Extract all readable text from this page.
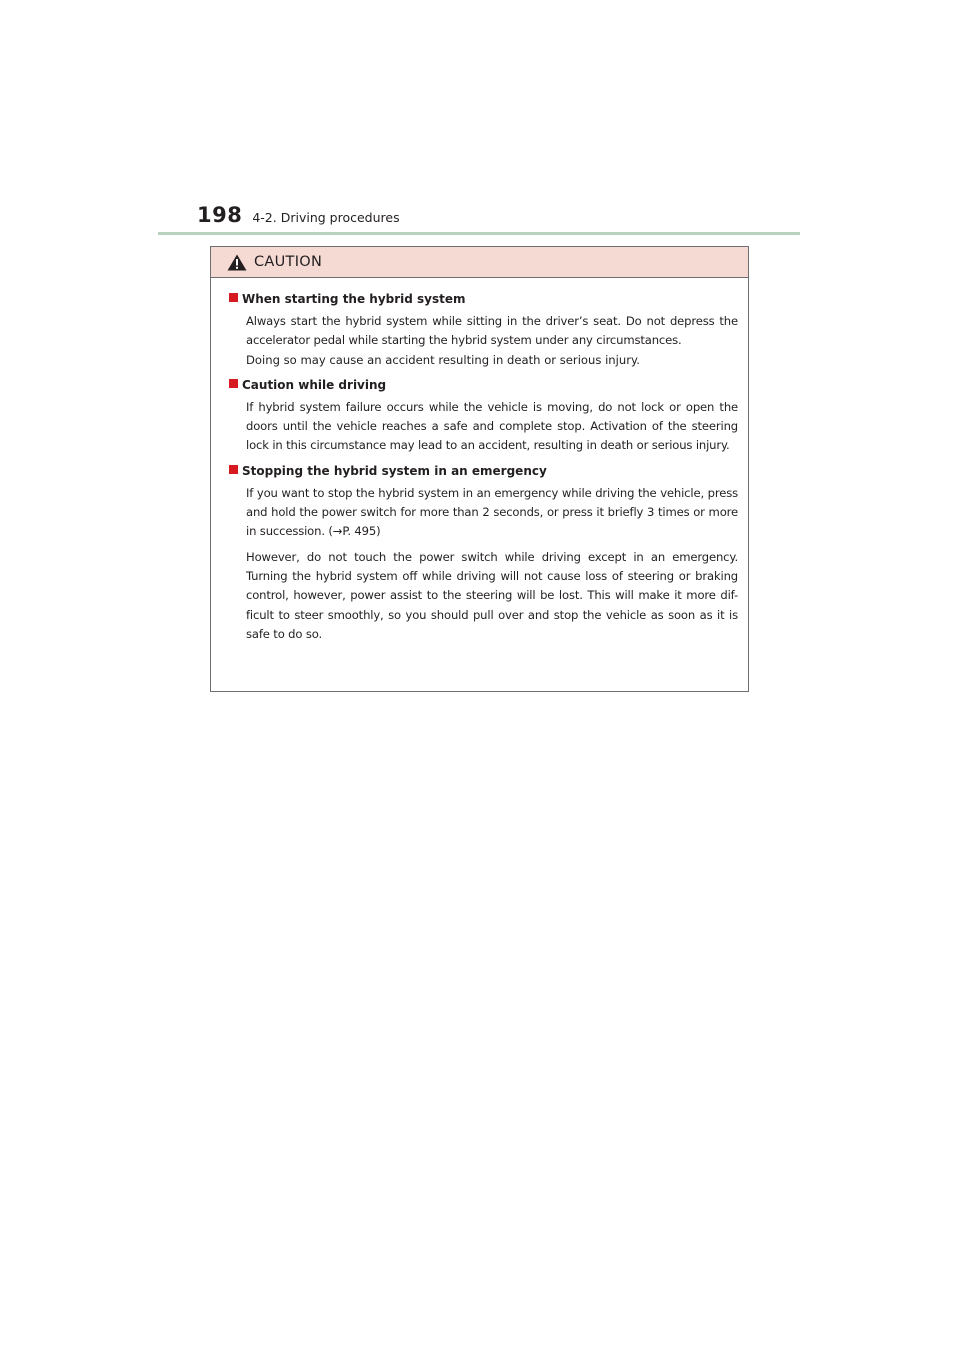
198 4-2. Driving procedures
CAUTION
When starting the hybrid system

Always start the hybrid system while sitting in the driver’s seat. Do not depress the accelerator pedal while starting the hybrid system under any circumstances.

Doing so may cause an accident resulting in death or serious injury.

Caution while driving

If hybrid system failure occurs while the vehicle is moving, do not lock or open the doors until the vehicle reaches a safe and complete stop. Activation of the steering lock in this circumstance may lead to an accident, resulting in death or serious injury.

Stopping the hybrid system in an emergency

If you want to stop the hybrid system in an emergency while driving the vehicle, press and hold the power switch for more than 2 seconds, or press it briefly 3 times or more in succession. (→P. 495)

However, do not touch the power switch while driving except in an emergency. Turning the hybrid system off while driving will not cause loss of steering or braking control, however, power assist to the steering will be lost. This will make it more dif-ficult to steer smoothly, so you should pull over and stop the vehicle as soon as it is safe to do so.
